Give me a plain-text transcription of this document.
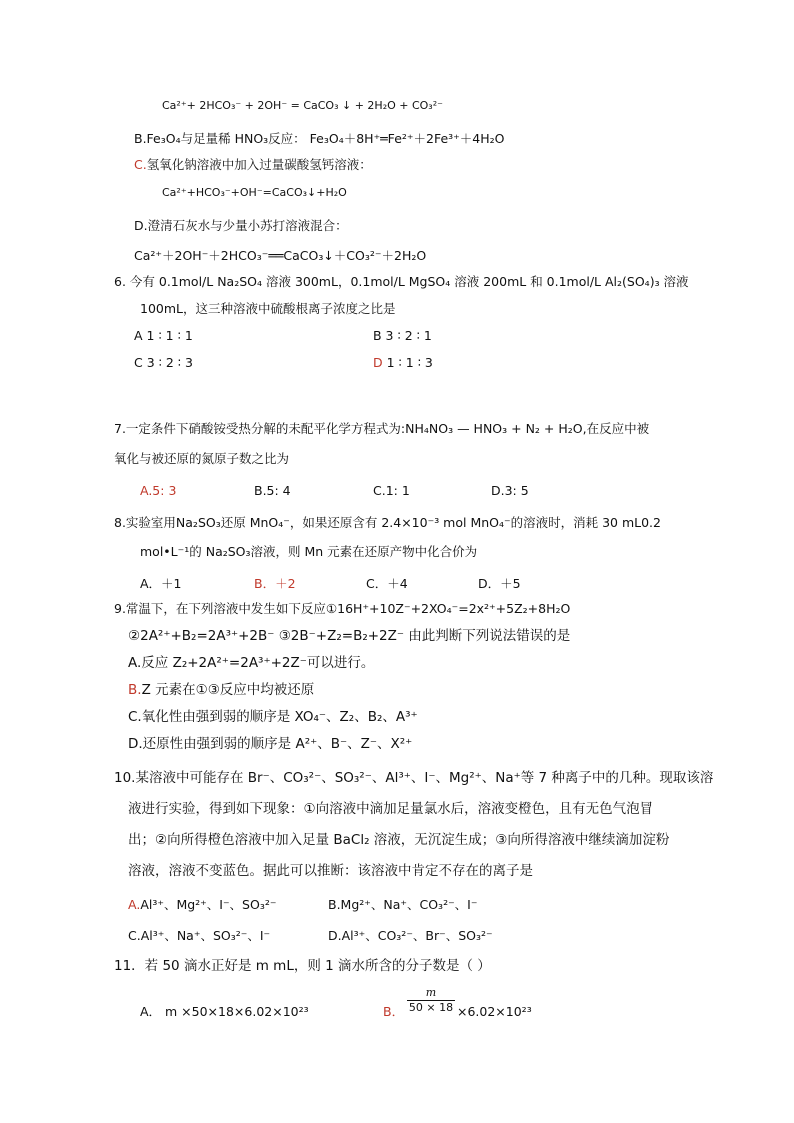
Ca²⁺+ 2HCO₃⁻ + 2OH⁻ = CaCO₃ ↓ + 2H₂O + CO₃²⁻
B.Fe₃O₄与足量稀 HNO₃反应： Fe₃O₄＋8H⁺═Fe²⁺＋2Fe³⁺＋4H₂O
C.氢氧化钠溶液中加入过量碳酸氢钙溶液：
Ca²⁺+HCO₃⁻+OH⁻=CaCO₃↓+H₂O
D.澄清石灰水与少量小苏打溶液混合：
Ca²⁺＋2OH⁻＋2HCO₃⁻══CaCO₃↓＋CO₃²⁻＋2H₂O
6. 今有 0.1mol/L Na₂SO₄ 溶液 300mL，0.1mol/L MgSO₄ 溶液 200mL 和 0.1mol/L Al₂(SO₄)₃ 溶液
100mL，这三种溶液中硫酸根离子浓度之比是
A 1 ∶ 1 ∶ 1	B 3 ∶ 2 ∶ 1
C 3 ∶ 2 ∶ 3	D 1 ∶ 1 ∶ 3
7.一定条件下硝酸铵受热分解的未配平化学方程式为:NH₄NO₃ — HNO₃ + N₂ + H₂O,在反应中被
氧化与被还原的氮原子数之比为
A.5: 3	B.5: 4	C.1: 1	D.3: 5
8.实验室用Na₂SO₃还原 MnO₄⁻，如果还原含有 2.4×10⁻³ mol MnO₄⁻的溶液时，消耗 30 mL0.2
mol•L⁻¹的 Na₂SO₃溶液，则 Mn 元素在还原产物中化合价为
A．＋1	B．＋2	C．＋4	D．＋5
9.常温下，在下列溶液中发生如下反应①16H⁺+10Z⁻+2XO₄⁻=2x²⁺+5Z₂+8H₂O
②2A²⁺+B₂=2A³⁺+2B⁻ ③2B⁻+Z₂=B₂+2Z⁻ 由此判断下列说法错误的是
A.反应 Z₂+2A²⁺=2A³⁺+2Z⁻可以进行。
B.Z 元素在①③反应中均被还原
C.氧化性由强到弱的顺序是 XO₄⁻、Z₂、B₂、A³⁺
D.还原性由强到弱的顺序是 A²⁺、B⁻、Z⁻、X²⁺
10.某溶液中可能存在 Br⁻、CO₃²⁻、SO₃²⁻、Al³⁺、I⁻、Mg²⁺、Na⁺等 7 种离子中的几种。现取该溶
液进行实验，得到如下现象：①向溶液中滴加足量氯水后，溶液变橙色，且有无色气泡冒
出；②向所得橙色溶液中加入足量 BaCl₂ 溶液，无沉淀生成；③向所得溶液中继续滴加淀粉
溶液，溶液不变蓝色。据此可以推断：该溶液中肯定不存在的离子是
A.Al³⁺、Mg²⁺、I⁻、SO₃²⁻	B.Mg²⁺、Na⁺、CO₃²⁻、I⁻
C.Al³⁺、Na⁺、SO₃²⁻、I⁻	D.Al³⁺、CO₃²⁻、Br⁻、SO₃²⁻
11．若 50 滴水正好是 m mL，则 1 滴水所含的分子数是（ ）
A． m ×50×18×6.02×10²³	B．
m
50 × 18 ×6.02×10²³
